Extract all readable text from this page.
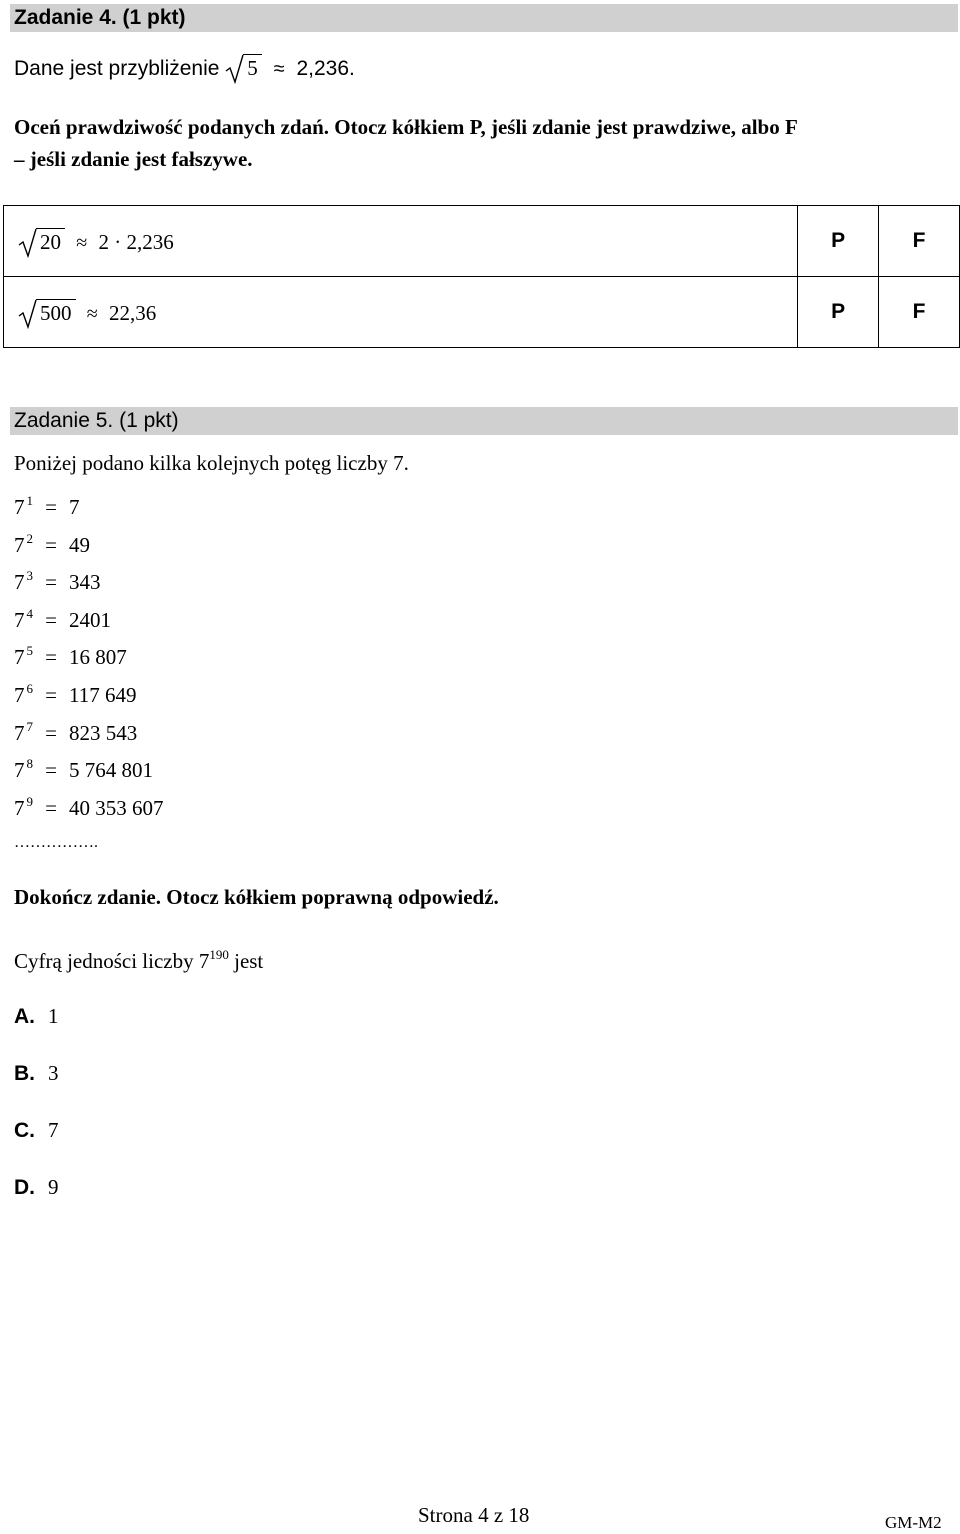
Zadanie 4. (1 pkt)
Dane jest przybliżenie 5 ≈ 2,236.
Oceń prawdziwość podanych zdań. Otocz kółkiem P, jeśli zdanie jest prawdziwe, albo F
– jeśli zdanie jest fałszywe.
20 ≈ 2 · 2,236	P	F

500 ≈ 22,36	P	F
Zadanie 5. (1 pkt)
Poniżej podano kilka kolejnych potęg liczby 7.
7 $^1$ = 7
7 $^2$ = 49
7 $^3$ = 343
7 $^4$ = 2401
7 $^5$ = 16 807
7 $^6$ = 117 649
7 $^7$ = 823 543
7 $^8$ = 5 764 801
7 $^9$ = 40 353 607
…………….
Dokończ zdanie. Otocz kółkiem poprawną odpowiedź.
Cyfrą jedności liczby $7^{190}$ jest
A. 1
B. 3
C. 7
D. 9
Strona 4 z 18	GM-M2
